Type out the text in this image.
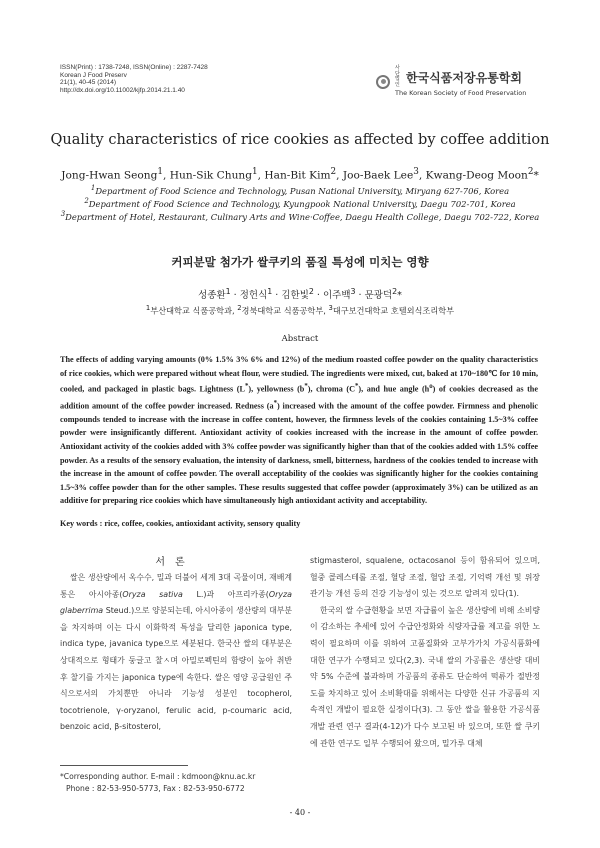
ISSN(Print) : 1738-7248, ISSN(Online) : 2287-7428
Korean J Food Preserv
21(1), 40-45 (2014)
http://dx.doi.org/10.11002/kjfp.2014.21.1.40
사단법인 한국식품저장유통학회
The Korean Society of Food Preservation
Quality characteristics of rice cookies as affected by coffee addition
Jong-Hwan Seong$^1$, Hun-Sik Chung$^1$, Han-Bit Kim$^2$, Joo-Baek Lee$^3$, Kwang-Deog Moon$^2$*
$^1$Department of Food Science and Technology, Pusan National University, Miryang 627-706, Korea
$^2$Department of Food Science and Technology, Kyungpook National University, Daegu 702-701, Korea
$^3$Department of Hotel, Restaurant, Culinary Arts and Wine·Coffee, Daegu Health College, Daegu 702-722, Korea
커피분말 첨가가 쌀쿠키의 품질 특성에 미치는 영향
성종환$^1$ · 정헌식$^1$ · 김한빛$^2$ · 이주백$^3$ · 문광덕$^2$*
$^1$부산대학교 식품공학과, $^2$경북대학교 식품공학부, $^3$대구보건대학교 호텔외식조리학부
Abstract
The effects of adding varying amounts (0% 1.5% 3% 6% and 12%) of the medium roasted coffee powder on the quality characteristics of rice cookies, which were prepared without wheat flour, were studied. The ingredients were mixed, cut, baked at 170~180℃ for 10 min, cooled, and packaged in plastic bags. Lightness (L*), yellowness (b*), chroma (C*), and hue angle $(h^o)$ of cookies decreased as the addition amount of the coffee powder increased. Redness (a*) increased with the amount of the coffee powder. Firmness and phenolic compounds tended to increase with the increase in coffee content, however, the firmness levels of the cookies containing 1.5~3% coffee powder were insignificantly different. Antioxidant activity of cookies increased with the increase in the amount of coffee powder. Antioxidant activity of the cookies added with 3% coffee powder was significantly higher than that of the cookies added with 1.5% coffee powder. As a results of the sensory evaluation, the intensity of darkness, smell, bitterness, hardness of the cookies tended to increase with the increase in the amount of coffee powder. The overall acceptability of the cookies was significantly higher for the cookies containing 1.5~3% coffee powder than for the other samples. These results suggested that coffee powder (approximately 3%) can be utilized as an additive for preparing rice cookies which have simultaneously high antioxidant activity and acceptability.
Key words : rice, coffee, cookies, antioxidant activity, sensory quality
서론

쌀은 생산량에서 옥수수, 밀과 더불어 세계 3대 곡물이며, 재배계통은 아시아종(Oryza sativa L.)과 아프리카종(Oryza glaberrima Steud.)으로 양분되는데, 아시아종이 생산량의 대부분을 차지하며 이는 다시 이화학적 특성을 달리한 japonica type, indica type, javanica type으로 세분된다. 한국산 쌀의 대부분은 상대적으로 형태가 둥글고 찰ㅅ며 아밀로펙틴의 함량이 높아 취반 후 찰기를 가지는 japonica type에 속한다. 쌀은 영양 공급원인 주식으로서의 가치뿐만 아니라 기능성 성분인 tocopherol, tocotrienole, γ-oryzanol, ferulic acid, p-coumaric acid, benzoic acid, β-sitosterol,

stigmasterol, squalene, octacosanol 등이 함유되어 있으며, 혈중 콜레스테롤 조절, 혈당 조절, 혈압 조절, 기억력 개선 및 위장관기능 개선 등의 건강 기능성이 있는 것으로 알려져 있다(1).

한국의 쌀 수급현황을 보면 자급률이 높은 생산량에 비해 소비량이 감소하는 추세에 있어 수급안정화와 식량자급률 제고를 위한 노력이 필요하며 이를 위하여 고품질화와 고부가가치 가공식품화에 대한 연구가 수행되고 있다(2,3). 국내 쌀의 가공률은 생산량 대비 약 5% 수준에 불과하며 가공품의 종류도 단순하여 떡류가 절반정도를 차지하고 있어 소비확대를 위해서는 다양한 신규 가공품의 지속적인 개발이 필요한 실정이다(3). 그 동안 쌀을 활용한 가공식품 개발 관련 연구 결과(4-12)가 다수 보고된 바 있으며, 또한 쌀 쿠키에 관한 연구도 일부 수행되어 왔으며, 밀가루 대체

*Corresponding author. E-mail : kdmoon@knu.ac.kr
Phone : 82-53-950-5773, Fax : 82-53-950-6772
- 40 -
